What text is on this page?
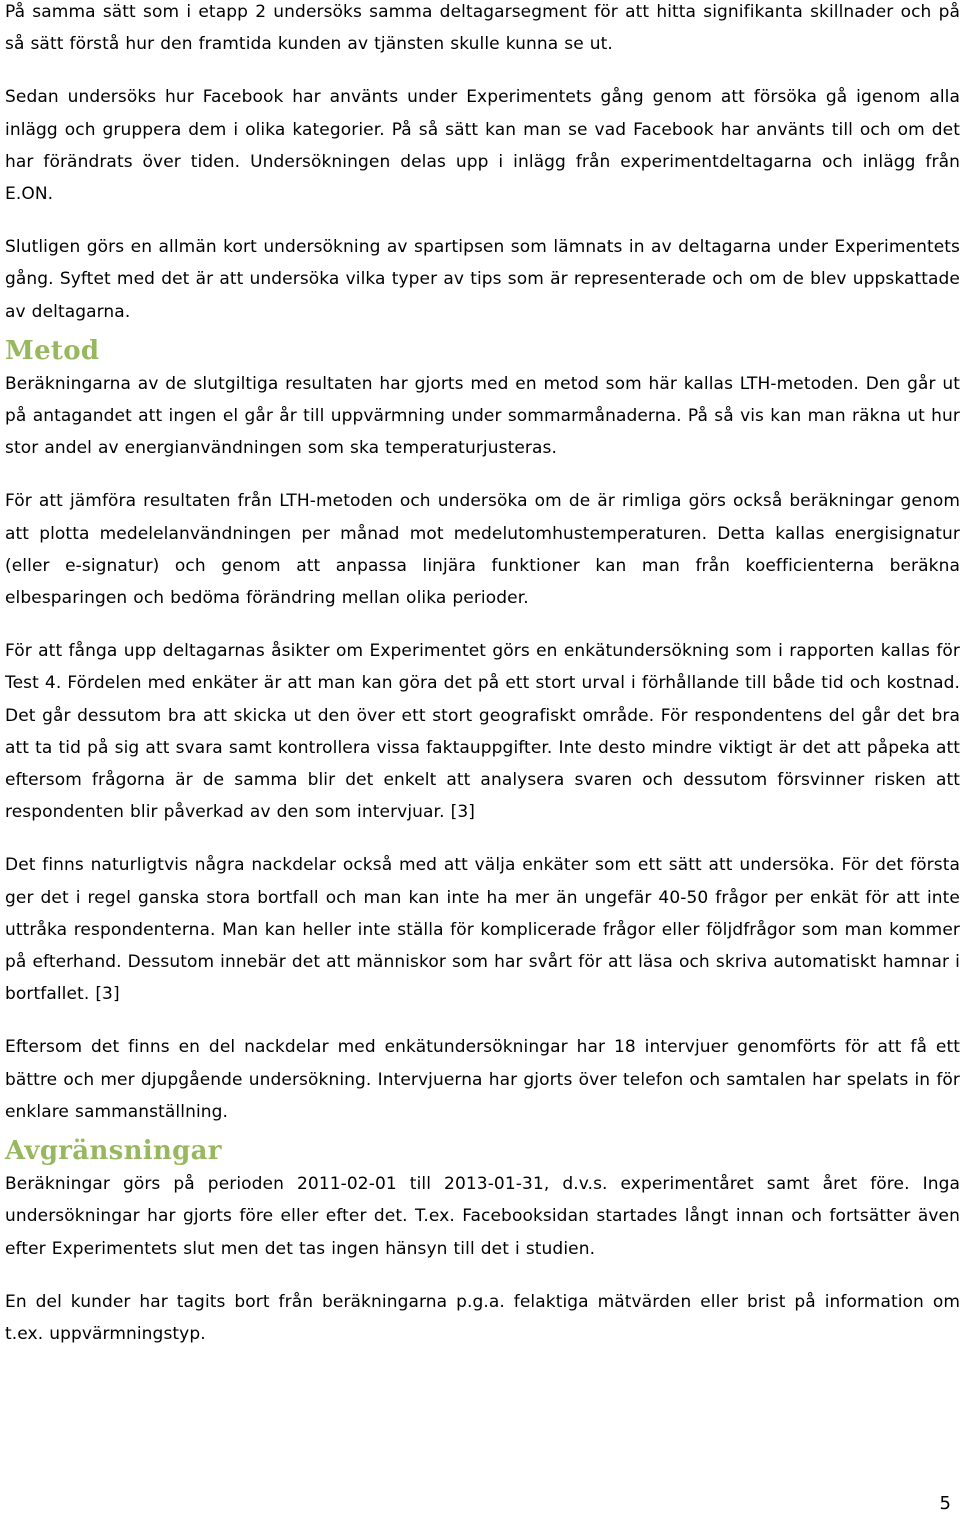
På samma sätt som i etapp 2 undersöks samma deltagarsegment för att hitta signifikanta skillnader och på så sätt förstå hur den framtida kunden av tjänsten skulle kunna se ut.

Sedan undersöks hur Facebook har använts under Experimentets gång genom att försöka gå igenom alla inlägg och gruppera dem i olika kategorier. På så sätt kan man se vad Facebook har använts till och om det har förändrats över tiden. Undersökningen delas upp i inlägg från experimentdeltagarna och inlägg från E.ON.

Slutligen görs en allmän kort undersökning av spartipsen som lämnats in av deltagarna under Experimentets gång. Syftet med det är att undersöka vilka typer av tips som är representerade och om de blev uppskattade av deltagarna.

Metod

Beräkningarna av de slutgiltiga resultaten har gjorts med en metod som här kallas LTH-metoden. Den går ut på antagandet att ingen el går år till uppvärmning under sommarmånaderna. På så vis kan man räkna ut hur stor andel av energianvändningen som ska temperaturjusteras.

För att jämföra resultaten från LTH-metoden och undersöka om de är rimliga görs också beräkningar genom att plotta medelelanvändningen per månad mot medelutomhustemperaturen. Detta kallas energisignatur (eller e-signatur) och genom att anpassa linjära funktioner kan man från koefficienterna beräkna elbesparingen och bedöma förändring mellan olika perioder.

För att fånga upp deltagarnas åsikter om Experimentet görs en enkätundersökning som i rapporten kallas för Test 4. Fördelen med enkäter är att man kan göra det på ett stort urval i förhållande till både tid och kostnad. Det går dessutom bra att skicka ut den över ett stort geografiskt område. För respondentens del går det bra att ta tid på sig att svara samt kontrollera vissa faktauppgifter. Inte desto mindre viktigt är det att påpeka att eftersom frågorna är de samma blir det enkelt att analysera svaren och dessutom försvinner risken att respondenten blir påverkad av den som intervjuar. [3]

Det finns naturligtvis några nackdelar också med att välja enkäter som ett sätt att undersöka. För det första ger det i regel ganska stora bortfall och man kan inte ha mer än ungefär 40-50 frågor per enkät för att inte uttråka respondenterna. Man kan heller inte ställa för komplicerade frågor eller följdfrågor som man kommer på efterhand. Dessutom innebär det att människor som har svårt för att läsa och skriva automatiskt hamnar i bortfallet. [3]

Eftersom det finns en del nackdelar med enkätundersökningar har 18 intervjuer genomförts för att få ett bättre och mer djupgående undersökning. Intervjuerna har gjorts över telefon och samtalen har spelats in för enklare sammanställning.

Avgränsningar

Beräkningar görs på perioden 2011-02-01 till 2013-01-31, d.v.s. experimentåret samt året före. Inga undersökningar har gjorts före eller efter det. T.ex. Facebooksidan startades långt innan och fortsätter även efter Experimentets slut men det tas ingen hänsyn till det i studien.

En del kunder har tagits bort från beräkningarna p.g.a. felaktiga mätvärden eller brist på information om t.ex. uppvärmningstyp.

5
